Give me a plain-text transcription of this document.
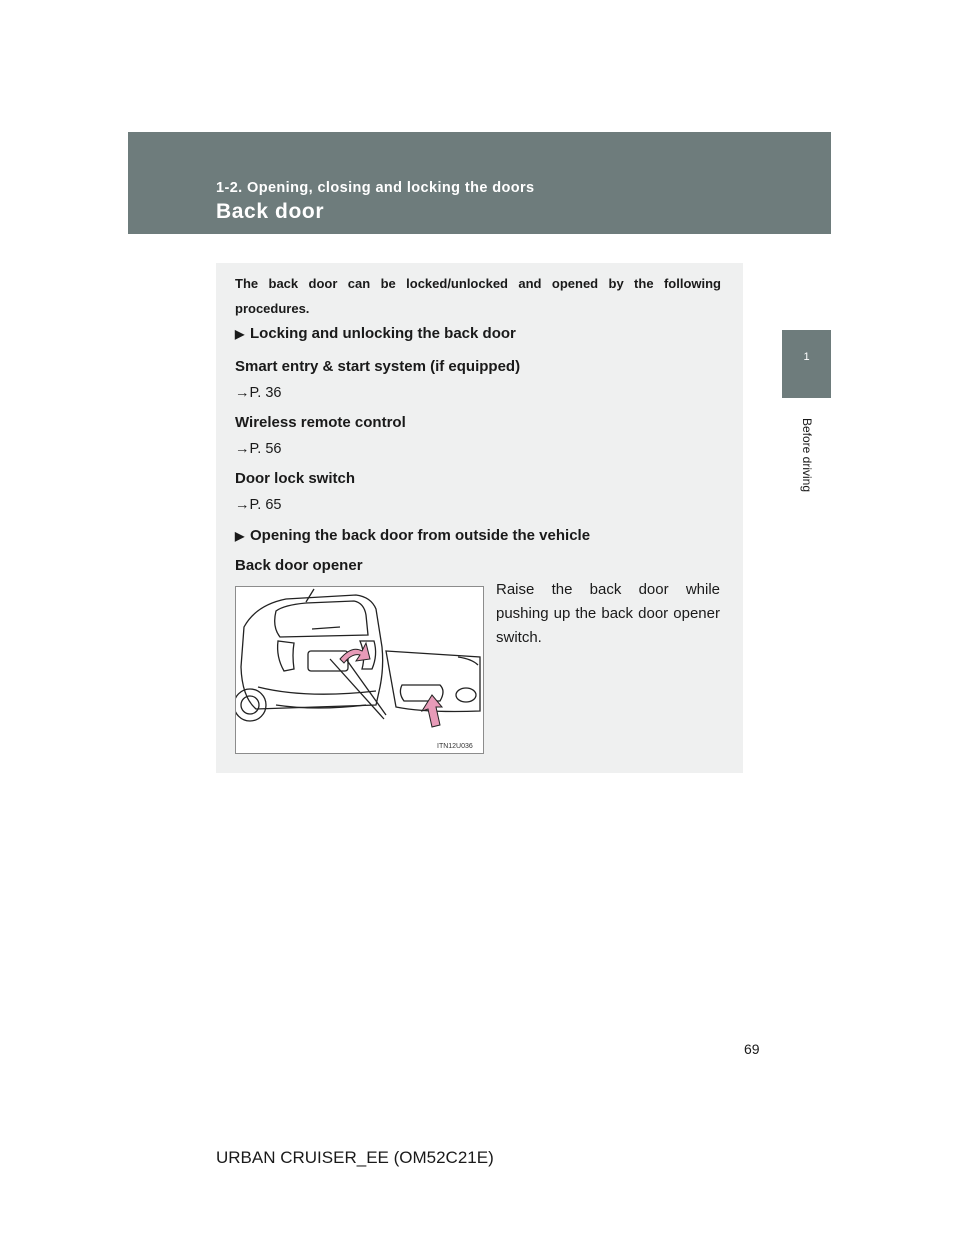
1-2. Opening, closing and locking the doors
Back door
1
Before driving
The back door can be locked/unlocked and opened by the following procedures.
▶ Locking and unlocking the back door
Smart entry & start system (if equipped)
→P. 36
Wireless remote control
→P. 56
Door lock switch
→P. 65
▶ Opening the back door from outside the vehicle
Back door opener
Raise the back door while pushing up the back door opener switch.
ITN12U036
69
URBAN CRUISER_EE (OM52C21E)
